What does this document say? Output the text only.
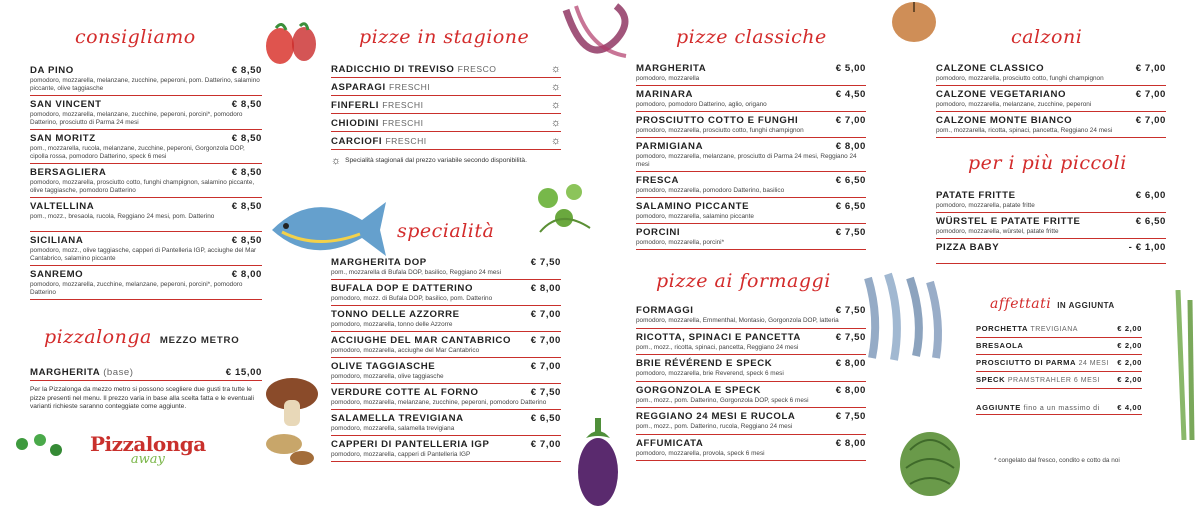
consigliamo
DA PINO	€ 8,50
pomodoro, mozzarella, melanzane, zucchine, peperoni, pom. Datterino, salamino piccante, olive taggiasche
SAN VINCENT	€ 8,50
pomodoro, mozzarella, melanzane, zucchine, peperoni, porcini*, pomodoro Datterino, prosciutto di Parma 24 mesi
SAN MORITZ	€ 8,50
pom., mozzarella, rucola, melanzane, zucchine, peperoni, Gorgonzola DOP, cipolla rossa, pomodoro Datterino, speck 6 mesi
BERSAGLIERA	€ 8,50
pomodoro, mozzarella, prosciutto cotto, funghi champignon, salamino piccante, olive taggiasche, pomodoro Datterino
VALTELLINA	€ 8,50
pom., mozz., bresaola, rucola, Reggiano 24 mesi, pom. Datterino
SICILIANA	€ 8,50
pomodoro, mozz., olive taggiasche, capperi di Pantelleria IGP, acciughe del Mar Cantabrico, salamino piccante
SANREMO	€ 8,00
pomodoro, mozzarella, zucchine, melanzane, peperoni, porcini*, pomodoro Datterino
pizzalonga MEZZO METRO
MARGHERITA (base)	€ 15,00
Per la Pizzalonga da mezzo metro si possono scegliere due gusti tra tutte le pizze presenti nel menu. Il prezzo varia in base alla scelta fatta e le eventuali varianti richieste saranno conteggiate come aggiunte.
Pizzalonga
away
pizze in stagione
RADICCHIO DI TREVISO FRESCO	☼
ASPARAGI FRESCHI	☼
FINFERLI FRESCHI	☼
CHIODINI FRESCHI	☼
CARCIOFI FRESCHI	☼
☼ Specialità stagionali dal prezzo variabile secondo disponibilità.
specialità
MARGHERITA DOP	€ 7,50
pom., mozzarella di Bufala DOP, basilico, Reggiano 24 mesi
BUFALA DOP E DATTERINO	€ 8,00
pomodoro, mozz. di Bufala DOP, basilico, pom. Datterino
TONNO DELLE AZZORRE	€ 7,00
pomodoro, mozzarella, tonno delle Azzorre
ACCIUGHE DEL MAR CANTABRICO € 7,00
pomodoro, mozzarella, acciughe del Mar Cantabrico
OLIVE TAGGIASCHE	€ 7,00
pomodoro, mozzarella, olive taggiasche
VERDURE COTTE AL FORNO	€ 7,50
pomodoro, mozzarella, melanzane, zucchine, peperoni, pomodoro Datterino
SALAMELLA TREVIGIANA	€ 6,50
pomodoro, mozzarella, salamella trevigiana
CAPPERI DI PANTELLERIA IGP	€ 7,00
pomodoro, mozzarella, capperi di Pantelleria IGP
pizze classiche
MARGHERITA	€ 5,00
pomodoro, mozzarella
MARINARA	€ 4,50
pomodoro, pomodoro Datterino, aglio, origano
PROSCIUTTO COTTO E FUNGHI	€ 7,00
pomodoro, mozzarella, prosciutto cotto, funghi champignon
PARMIGIANA	€ 8,00
pomodoro, mozzarella, melanzane, prosciutto di Parma 24 mesi, Reggiano 24 mesi
FRESCA	€ 6,50
pomodoro, mozzarella, pomodoro Datterino, basilico
SALAMINO PICCANTE	€ 6,50
pomodoro, mozzarella, salamino piccante
PORCINI	€ 7,50
pomodoro, mozzarella, porcini*
pizze ai formaggi
FORMAGGI	€ 7,50
pomodoro, mozzarella, Emmenthal, Montasio, Gorgonzola DOP, latteria
RICOTTA, SPINACI E PANCETTA	€ 7,50
pom., mozz., ricotta, spinaci, pancetta, Reggiano 24 mesi
BRIE RÉVÉREND E SPECK	€ 8,00
pomodoro, mozzarella, brie Reverend, speck 6 mesi
GORGONZOLA E SPECK	€ 8,00
pom., mozz., pom. Datterino, Gorgonzola DOP, speck 6 mesi
REGGIANO 24 MESI E RUCOLA	€ 7,50
pom., mozz., pom. Datterino, rucola, Reggiano 24 mesi
AFFUMICATA	€ 8,00
pomodoro, mozzarella, provola, speck 6 mesi
calzoni
CALZONE CLASSICO	€ 7,00
pomodoro, mozzarella, prosciutto cotto, funghi champignon
CALZONE VEGETARIANO	€ 7,00
pomodoro, mozzarella, melanzane, zucchine, peperoni
CALZONE MONTE BIANCO	€ 7,00
pom., mozzarella, ricotta, spinaci, pancetta, Reggiano 24 mesi
per i più piccoli
PATATE FRITTE	€ 6,00
pomodoro, mozzarella, patate fritte
WÜRSTEL E PATATE FRITTE	€ 6,50
pomodoro, mozzarella, würstel, patate fritte
PIZZA BABY	- € 1,00
affettati IN AGGIUNTA
PORCHETTA TREVIGIANA	€ 2,00
BRESAOLA	€ 2,00
PROSCIUTTO DI PARMA 24 MESI € 2,00
SPECK PRAMSTRAHLER 6 MESI € 2,00
AGGIUNTE fino a un massimo di € 4,00
* congelato dal fresco, condito e cotto da noi
